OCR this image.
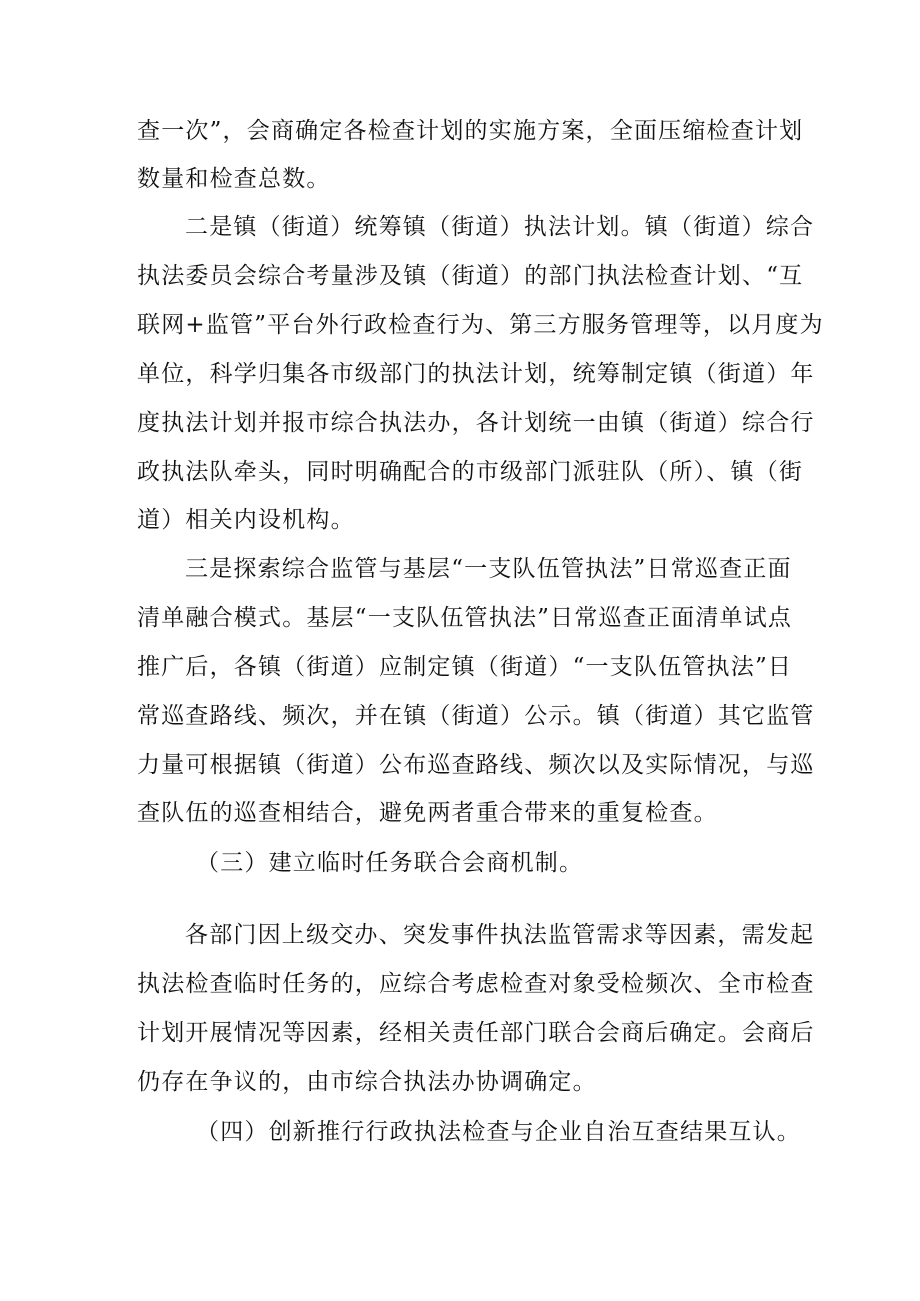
查一次”，会商确定各检查计划的实施方案，全面压缩检查计划

数量和检查总数。

二是镇（街道）统筹镇（街道）执法计划。镇（街道）综合

执法委员会综合考量涉及镇（街道）的部门执法检查计划、“互

联网+监管”平台外行政检查行为、第三方服务管理等，以月度为

单位，科学归集各市级部门的执法计划，统筹制定镇（街道）年

度执法计划并报市综合执法办，各计划统一由镇（街道）综合行

政执法队牵头，同时明确配合的市级部门派驻队（所）、镇（街

道）相关内设机构。

三是探索综合监管与基层“一支队伍管执法”日常巡查正面

清单融合模式。基层“一支队伍管执法”日常巡查正面清单试点

推广后，各镇（街道）应制定镇（街道）“一支队伍管执法”日

常巡查路线、频次，并在镇（街道）公示。镇（街道）其它监管

力量可根据镇（街道）公布巡查路线、频次以及实际情况，与巡

查队伍的巡查相结合，避免两者重合带来的重复检查。

（三）建立临时任务联合会商机制。

各部门因上级交办、突发事件执法监管需求等因素，需发起

执法检查临时任务的，应综合考虑检查对象受检频次、全市检查

计划开展情况等因素，经相关责任部门联合会商后确定。会商后

仍存在争议的，由市综合执法办协调确定。

（四）创新推行行政执法检查与企业自治互查结果互认。
